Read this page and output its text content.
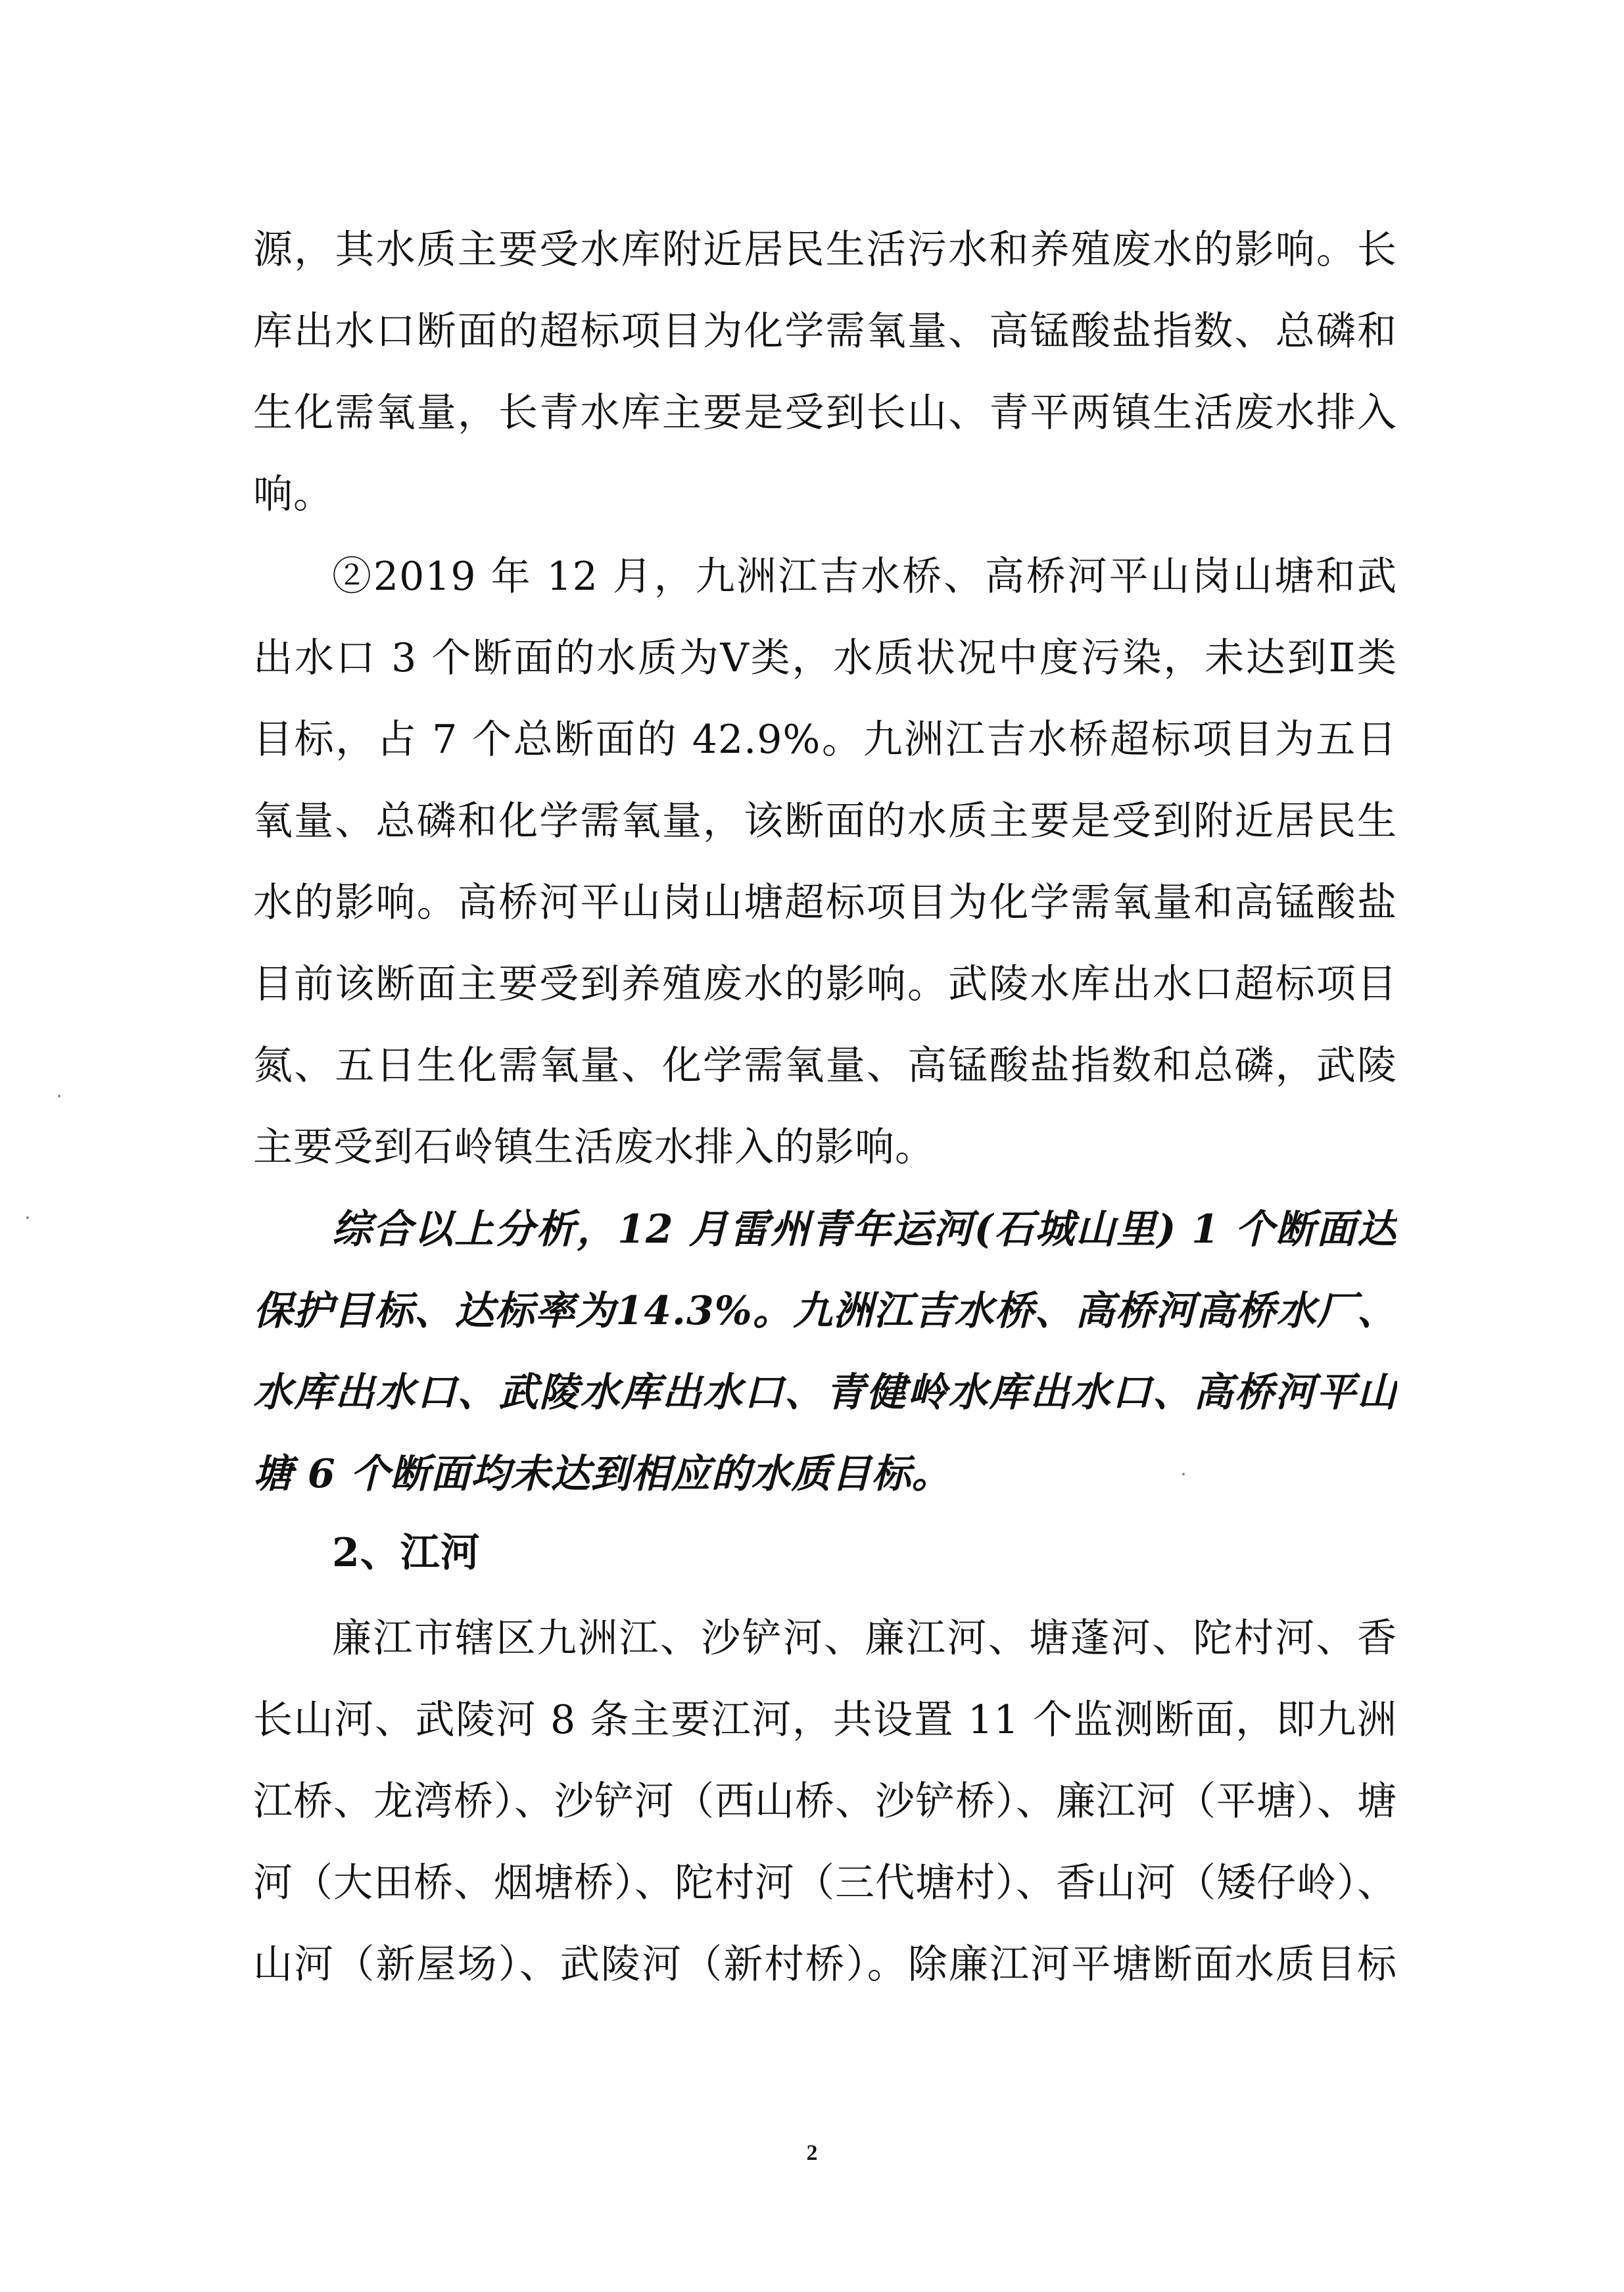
源，其水质主要受水库附近居民生活污水和养殖废水的影响。长
库出水口断面的超标项目为化学需氧量、高锰酸盐指数、总磷和
生化需氧量，长青水库主要是受到长山、青平两镇生活废水排入
响。
②2019 年 12 月，九洲江吉水桥、高桥河平山岗山塘和武
出水口 3 个断面的水质为Ⅴ类，水质状况中度污染，未达到Ⅱ类
目标，占 7 个总断面的 42.9%。九洲江吉水桥超标项目为五日
氧量、总磷和化学需氧量，该断面的水质主要是受到附近居民生
水的影响。高桥河平山岗山塘超标项目为化学需氧量和高锰酸盐
目前该断面主要受到养殖废水的影响。武陵水库出水口超标项目
氮、五日生化需氧量、化学需氧量、高锰酸盐指数和总磷，武陵
主要受到石岭镇生活废水排入的影响。
综合以上分析，12 月雷州青年运河(石城山里) 1 个断面达
保护目标、达标率为14.3%。九洲江吉水桥、高桥河高桥水厂、
水库出水口、武陵水库出水口、青健岭水库出水口、高桥河平山
塘 6 个断面均未达到相应的水质目标。
2、江河
廉江市辖区九洲江、沙铲河、廉江河、塘蓬河、陀村河、香
长山河、武陵河 8 条主要江河，共设置 11 个监测断面，即九洲
江桥、龙湾桥）、沙铲河（西山桥、沙铲桥）、廉江河（平塘）、塘
河（大田桥、烟塘桥）、陀村河（三代塘村）、香山河（矮仔岭）、
山河（新屋场）、武陵河（新村桥）。除廉江河平塘断面水质目标
2
